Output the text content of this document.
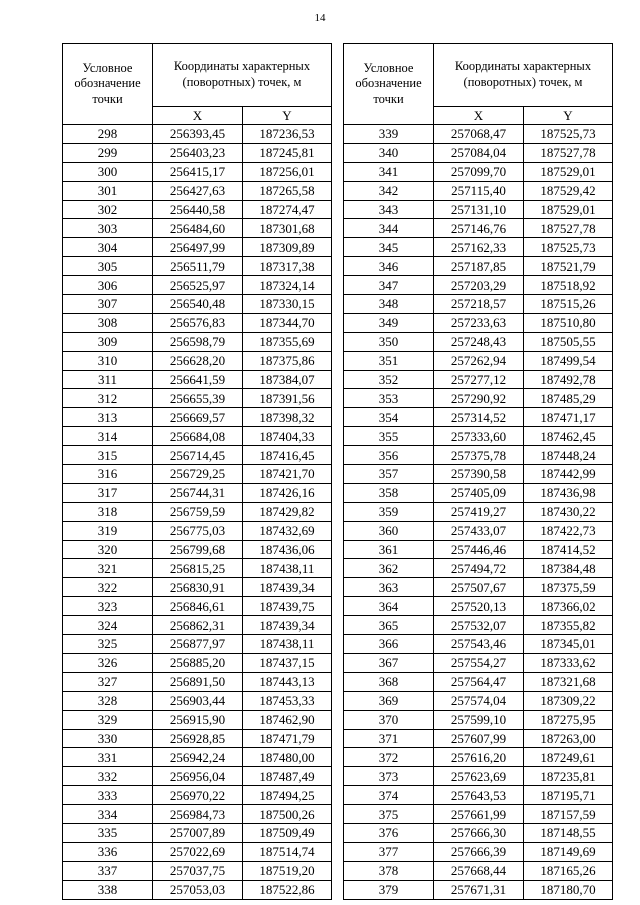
14
Условное обозначение точки	Координаты характерных (поворотных) точек, м	
	X	Y
298	256393,45	187236,53
299	256403,23	187245,81
300	256415,17	187256,01
301	256427,63	187265,58
302	256440,58	187274,47
303	256484,60	187301,68
304	256497,99	187309,89
305	256511,79	187317,38
306	256525,97	187324,14
307	256540,48	187330,15
308	256576,83	187344,70
309	256598,79	187355,69
310	256628,20	187375,86
311	256641,59	187384,07
312	256655,39	187391,56
313	256669,57	187398,32
314	256684,08	187404,33
315	256714,45	187416,45
316	256729,25	187421,70
317	256744,31	187426,16
318	256759,59	187429,82
319	256775,03	187432,69
320	256799,68	187436,06
321	256815,25	187438,11
322	256830,91	187439,34
323	256846,61	187439,75
324	256862,31	187439,34
325	256877,97	187438,11
326	256885,20	187437,15
327	256891,50	187443,13
328	256903,44	187453,33
329	256915,90	187462,90
330	256928,85	187471,79
331	256942,24	187480,00
332	256956,04	187487,49
333	256970,22	187494,25
334	256984,73	187500,26
335	257007,89	187509,49
336	257022,69	187514,74
337	257037,75	187519,20
338	257053,03	187522,86
Условное обозначение точки	Координаты характерных (поворотных) точек, м	
	X	Y
339	257068,47	187525,73
340	257084,04	187527,78
341	257099,70	187529,01
342	257115,40	187529,42
343	257131,10	187529,01
344	257146,76	187527,78
345	257162,33	187525,73
346	257187,85	187521,79
347	257203,29	187518,92
348	257218,57	187515,26
349	257233,63	187510,80
350	257248,43	187505,55
351	257262,94	187499,54
352	257277,12	187492,78
353	257290,92	187485,29
354	257314,52	187471,17
355	257333,60	187462,45
356	257375,78	187448,24
357	257390,58	187442,99
358	257405,09	187436,98
359	257419,27	187430,22
360	257433,07	187422,73
361	257446,46	187414,52
362	257494,72	187384,48
363	257507,67	187375,59
364	257520,13	187366,02
365	257532,07	187355,82
366	257543,46	187345,01
367	257554,27	187333,62
368	257564,47	187321,68
369	257574,04	187309,22
370	257599,10	187275,95
371	257607,99	187263,00
372	257616,20	187249,61
373	257623,69	187235,81
374	257643,53	187195,71
375	257661,99	187157,59
376	257666,30	187148,55
377	257666,39	187149,69
378	257668,44	187165,26
379	257671,31	187180,70
